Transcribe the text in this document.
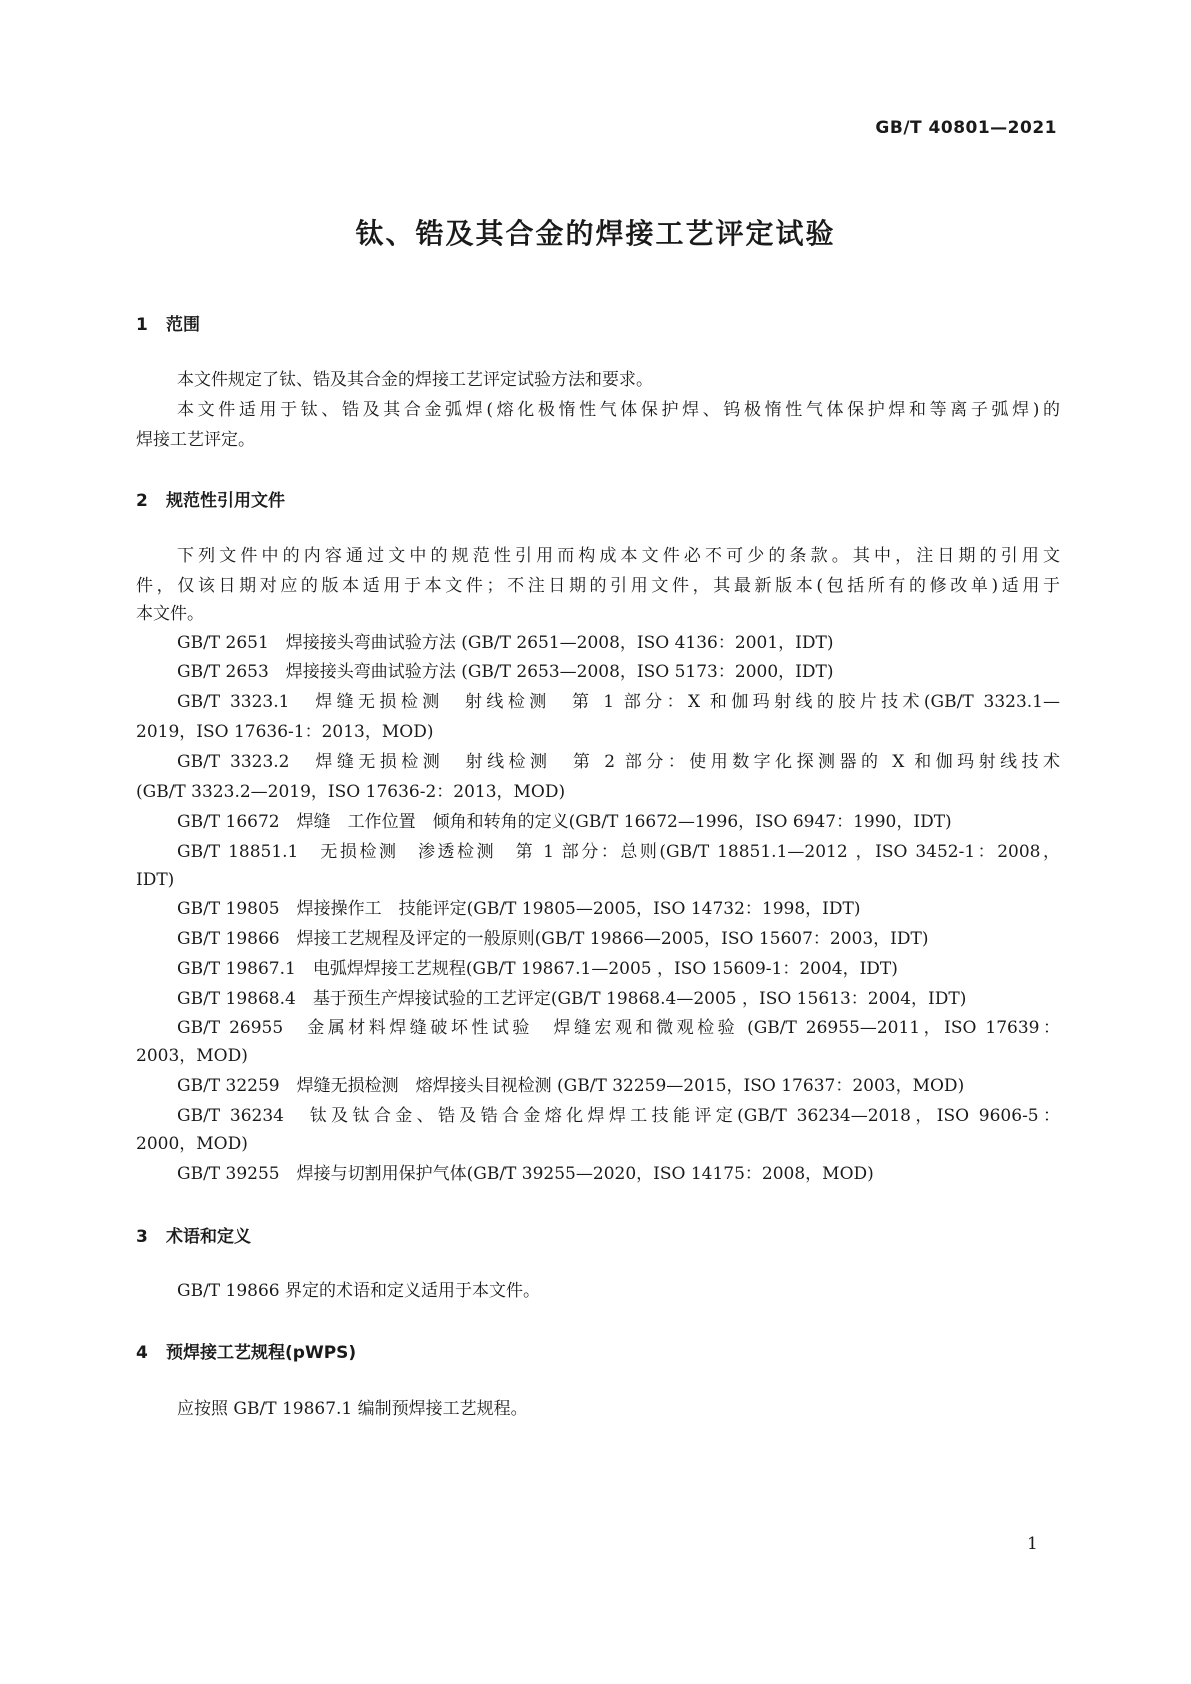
GB/T 40801—2021
钛、锆及其合金的焊接工艺评定试验
1 范围
本文件规定了钛、锆及其合金的焊接工艺评定试验方法和要求。
本文件适用于钛、锆及其合金弧焊(熔化极惰性气体保护焊、钨极惰性气体保护焊和等离子弧焊)的
焊接工艺评定。
2 规范性引用文件
下列文件中的内容通过文中的规范性引用而构成本文件必不可少的条款。其中，注日期的引用文
件，仅该日期对应的版本适用于本文件；不注日期的引用文件，其最新版本(包括所有的修改单)适用于
本文件。
GB/T 2651　焊接接头弯曲试验方法 (GB/T 2651—2008，ISO 4136：2001，IDT)
GB/T 2653　焊接接头弯曲试验方法 (GB/T 2653—2008，ISO 5173：2000，IDT)
GB/T 3323.1　焊缝无损检测　射线检测　第 1 部分：X 和伽玛射线的胶片技术(GB/T 3323.1—
2019，ISO 17636-1：2013，MOD)
GB/T 3323.2　焊缝无损检测　射线检测　第 2 部分：使用数字化探测器的 X 和伽玛射线技术
(GB/T 3323.2—2019，ISO 17636-2：2013，MOD)
GB/T 16672　焊缝　工作位置　倾角和转角的定义(GB/T 16672—1996，ISO 6947：1990，IDT)
GB/T 18851.1　无损检测　渗透检测　第 1 部分：总则(GB/T 18851.1—2012 ，ISO 3452-1：2008，
IDT)
GB/T 19805　焊接操作工　技能评定(GB/T 19805—2005，ISO 14732：1998，IDT)
GB/T 19866　焊接工艺规程及评定的一般原则(GB/T 19866—2005，ISO 15607：2003，IDT)
GB/T 19867.1　电弧焊焊接工艺规程(GB/T 19867.1—2005 ，ISO 15609-1：2004，IDT)
GB/T 19868.4　基于预生产焊接试验的工艺评定(GB/T 19868.4—2005 ，ISO 15613：2004，IDT)
GB/T 26955　金属材料焊缝破坏性试验　焊缝宏观和微观检验 (GB/T 26955—2011，ISO 17639：
2003，MOD)
GB/T 32259　焊缝无损检测　熔焊接头目视检测 (GB/T 32259—2015，ISO 17637：2003，MOD)
GB/T 36234　钛及钛合金、锆及锆合金熔化焊焊工技能评定(GB/T 36234—2018，ISO 9606-5：
2000，MOD)
GB/T 39255　焊接与切割用保护气体(GB/T 39255—2020，ISO 14175：2008，MOD)
3 术语和定义
GB/T 19866 界定的术语和定义适用于本文件。
4 预焊接工艺规程(pWPS)
应按照 GB/T 19867.1 编制预焊接工艺规程。
1
